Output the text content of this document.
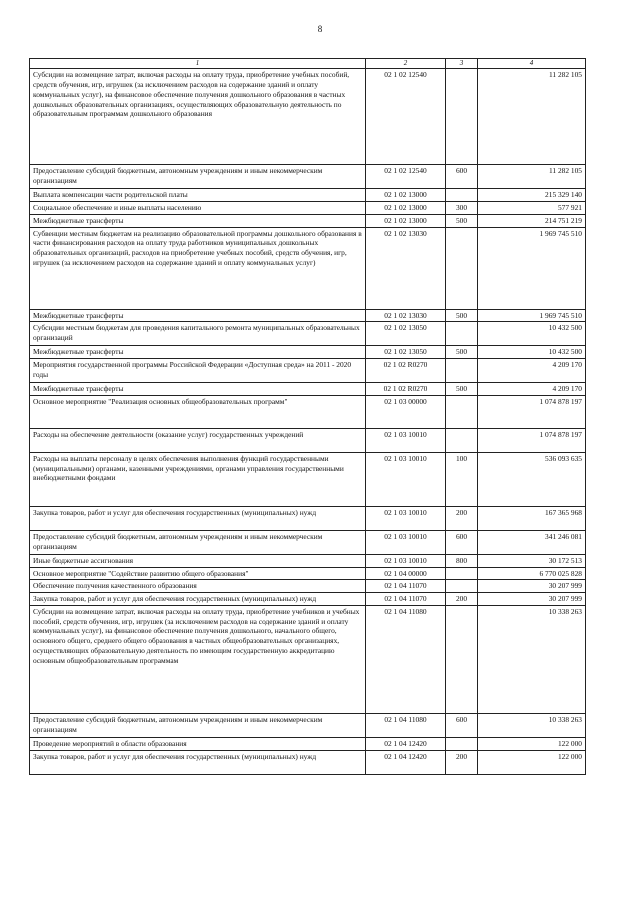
8
1	2	3	4
Субсидии на возмещение затрат, включая расходы на оплату труда, приобретение учебных пособий, средств обучения, игр, игрушек (за исключением расходов на содержание зданий и оплату коммунальных услуг), на финансовое обеспечение получения дошкольного образования в частных дошкольных образовательных организациях, осуществляющих образовательную деятельность по образовательным программам дошкольного образования	02 1 02 12540		11 282 105
Предоставление субсидий бюджетным, автономным учреждениям и иным некоммерческим организациям	02 1 02 12540	600	11 282 105
Выплата компенсации части родительской платы	02 1 02 13000		215 329 140
Социальное обеспечение и иные выплаты населению	02 1 02 13000	300	577 921
Межбюджетные трансферты	02 1 02 13000	500	214 751 219
Субвенции местным бюджетам на реализацию образовательной программы дошкольного образования в части финансирования расходов на оплату труда работников муниципальных дошкольных образовательных организаций, расходов на приобретение учебных пособий, средств обучения, игр, игрушек (за исключением расходов на содержание зданий и оплату коммунальных услуг)	02 1 02 13030		1 969 745 510
Межбюджетные трансферты	02 1 02 13030	500	1 969 745 510
Субсидии местным бюджетам для проведения капитального ремонта муниципальных образовательных организаций	02 1 02 13050		10 432 500
Межбюджетные трансферты	02 1 02 13050	500	10 432 500
Мероприятия государственной программы Российской Федерации «Доступная среда» на 2011 - 2020 годы	02 1 02 R0270		4 209 170
Межбюджетные трансферты	02 1 02 R0270	500	4 209 170
Основное мероприятие "Реализация основных общеобразовательных программ"	02 1 03 00000		1 074 878 197
Расходы на обеспечение деятельности (оказание услуг) государственных учреждений	02 1 03 10010		1 074 878 197
Расходы на выплаты персоналу в целях обеспечения выполнения функций государственными (муниципальными) органами, казенными учреждениями, органами управления государственными внебюджетными фондами	02 1 03 10010	100	536 093 635
Закупка товаров, работ и услуг для обеспечения государственных (муниципальных) нужд	02 1 03 10010	200	167 365 968
Предоставление субсидий бюджетным, автономным учреждениям и иным некоммерческим организациям	02 1 03 10010	600	341 246 081
Иные бюджетные ассигнования	02 1 03 10010	800	30 172 513
Основное мероприятие "Содействие развитию общего образования"	02 1 04 00000		6 770 025 828
Обеспечение получения качественного образования	02 1 04 11070		30 207 999
Закупка товаров, работ и услуг для обеспечения государственных (муниципальных) нужд	02 1 04 11070	200	30 207 999
Субсидии на возмещение затрат, включая расходы на оплату труда, приобретение учебников и учебных пособий, средств обучения, игр, игрушек (за исключением расходов на содержание зданий и оплату коммунальных услуг), на финансовое обеспечение получения дошкольного, начального общего, основного общего, среднего общего образования в частных общеобразовательных организациях, осуществляющих образовательную деятельность по имеющим государственную аккредитацию основным общеобразовательным программам	02 1 04 11080		10 338 263
Предоставление субсидий бюджетным, автономным учреждениям и иным некоммерческим организациям	02 1 04 11080	600	10 338 263
Проведение мероприятий в области образования	02 1 04 12420		122 000
Закупка товаров, работ и услуг для обеспечения государственных (муниципальных) нужд	02 1 04 12420	200	122 000
